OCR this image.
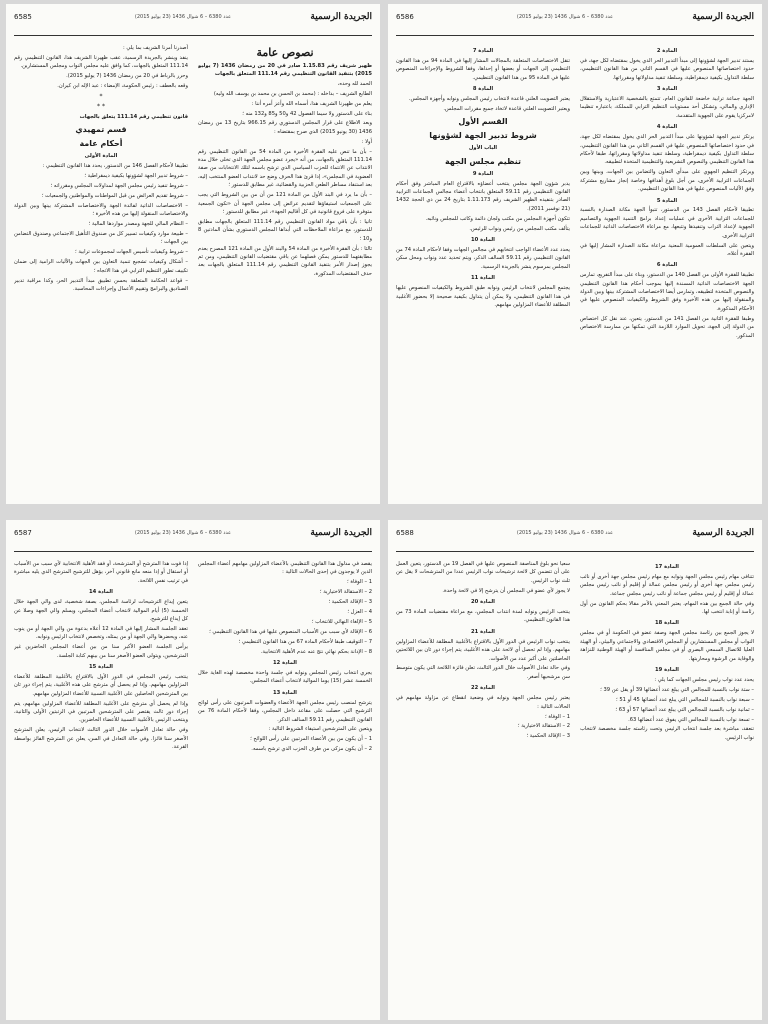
الجريدة الرسمية
عدد 6380 – 6 شوال 1436 (23 يوليو 2015)
6585

نصوص عامة

ظهير شريف رقم 1.15.83 صادر في 20 من رمضان 1436 (7 يوليو 2015) بتنفيذ القانون التنظيمي رقم 111.14 المتعلق بالجهات

الحمد لله وحده،

الطابع الشريف – بداخله : (محمد بن الحسن بن محمد بن يوسف الله وليه)

يعلم من ظهيرنا الشريف هذا، أسماه الله وأعز أمره أننا :

بناء على الدستور ولا سيما الفصول 42 و50 و85 و132 منه ؛

وبعد الاطلاع على قرار المجلس الدستوري رقم 966.15 بتاريخ 13 من رمضان 1436 (30 يونيو 2015) الذي صرح بمقتضاه :

أولا :

– بأن ما تنص عليه الفقرة الأخيرة من المادة 54 من القانون التنظيمي رقم 111.14 المتعلق بالجهات، من أنه «يجرد عضو مجلس الجهة الذي تخلى خلال مدة الانتداب عن الانتماء للحزب السياسي الذي ترشح باسمه لتلك الانتخابات من صفة العضوية في المجلس»، إذا قرئ هذا الحرف وضع حد لانتداب العضو المنتخب إليه، بعد استنفاد مساطر الطعن الحزبية والقضائية، غير مطابق للدستور ؛

– بأن ما يرد في البند الأول من المادة 121 من أن من بين الشروط التي يجب على الجمعيات استيفاؤها لتقديم عرائض إلى مجلس الجهة أن «تكون الجمعية متوفرة على فروع قانونية في كل أقاليم الجهة»، غير مطابق للدستور ؛

ثانيا : بأن باقي مواد القانون التنظيمي رقم 111.14 المتعلق بالجهات مطابق للدستور، مع مراعاة الملاحظات التي أبداها المجلس الدستوري بشأن المادتين 8 و10 ؛

ثالثا : بأن الفقرة الأخيرة من المادة 54 والبند الأول من المادة 121 المصرح بعدم مطابقتهما للدستور يمكن فصلهما عن باقي مقتضيات القانون التنظيمي، ومن ثم يجوز إصدار الأمر بتنفيذ القانون التنظيمي رقم 111.14 المتعلق بالجهات بعد حذف المقتضيات المذكورة،

أصدرنا أمرنا الشريف بما يلي :

ينفذ وينشر بالجريدة الرسمية، عقب ظهيرنا الشريف هذا، القانون التنظيمي رقم 111.14 المتعلق بالجهات، كما وافق عليه مجلس النواب ومجلس المستشارين.

وحرر بالرباط في 20 من رمضان 1436 (7 يوليو 2015).

وقعه بالعطف : رئيس الحكومة، الإمضاء : عبد الإله ابن كيران.

*

* *

قانون تنظيمي رقم 111.14 يتعلق بالجهات

قسم تمهيدي

أحكام عامة

المادة الأولى

تطبيقا لأحكام الفصل 146 من الدستور، يحدد هذا القانون التنظيمي :

– شروط تدبير الجهة لشؤونها بكيفية ديمقراطية ؛

– شروط تنفيذ رئيس مجلس الجهة لمداولات المجلس ومقرراته ؛

– شروط تقديم العرائض من قبل المواطنات والمواطنين والجمعيات ؛

– الاختصاصات الذاتية لفائدة الجهة والاختصاصات المشتركة بينها وبين الدولة والاختصاصات المنقولة إليها من هذه الأخيرة ؛

– النظام المالي للجهة ومصدر مواردها المالية ؛

– طبيعة موارد وكيفيات تسيير كل من صندوق التأهيل الاجتماعي وصندوق التضامن بين الجهات ؛

– شروط وكيفيات تأسيس الجهات لمجموعات ترابية ؛

– أشكال وكيفيات تشجيع تنمية التعاون بين الجهات والآليات الرامية إلى ضمان تكييف تطور التنظيم الترابي في هذا الاتجاه ؛

– قواعد الحكامة المتعلقة بحسن تطبيق مبدأ التدبير الحر، وكذا مراقبة تدبير الصناديق والبرامج وتقييم الأعمال وإجراءات المحاسبة.

الجريدة الرسمية
عدد 6380 – 6 شوال 1436 (23 يوليو 2015)
6586

المادة 2

يستند تدبير الجهة لشؤونها إلى مبدأ التدبير الحر الذي يخول بمقتضاه لكل جهة، في حدود اختصاصاتها المنصوص عليها في القسم الثاني من هذا القانون التنظيمي، سلطة التداول بكيفية ديمقراطية، وسلطة تنفيذ مداولاتها ومقرراتها.

المادة 3

الجهة جماعة ترابية خاضعة للقانون العام، تتمتع بالشخصية الاعتبارية والاستقلال الإداري والمالي، وتشكل أحد مستويات التنظيم الترابي للمملكة، باعتباره تنظيما لامركزيا يقوم على الجهوية المتقدمة.

المادة 4

يرتكز تدبير الجهة لشؤونها على مبدأ التدبير الحر الذي يخول بمقتضاه لكل جهة، في حدود اختصاصاتها المنصوص عليها في القسم الثاني من هذا القانون التنظيمي، سلطة التداول بكيفية ديمقراطية، وسلطة تنفيذ مداولاتها ومقرراتها، طبقا لأحكام هذا القانون التنظيمي والنصوص التشريعية والتنظيمية المتخذة لتطبيقه.

ويرتكز التنظيم الجهوي على مبدأي التعاون والتضامن بين الجهات، وبينها وبين الجماعات الترابية الأخرى، من أجل بلوغ أهدافها وخاصة إنجاز مشاريع مشتركة وفق الآليات المنصوص عليها في هذا القانون التنظيمي.

المادة 5

تطبيقا لأحكام الفصل 143 من الدستور، تتبوأ الجهة مكانة الصدارة بالنسبة للجماعات الترابية الأخرى في عمليات إعداد برامج التنمية الجهوية والتصاميم الجهوية لإعداد التراب وتنفيذها وتتبعها، مع مراعاة الاختصاصات الذاتية للجماعات الترابية الأخرى.

ويتعين على السلطات العمومية المعنية مراعاة مكانة الصدارة المشار إليها في الفقرة أعلاه.

المادة 6

تطبيقا للفقرة الأولى من الفصل 140 من الدستور، وبناء على مبدأ التفريع، تمارس الجهة الاختصاصات الذاتية المسندة إليها بموجب أحكام هذا القانون التنظيمي والنصوص المتخذة لتطبيقه، وتمارس أيضا الاختصاصات المشتركة بينها وبين الدولة والمنقولة إليها من هذه الأخيرة وفق الشروط والكيفيات المنصوص عليها في الأحكام المذكورة.

وطبقا للفقرة الثانية من الفصل 141 من الدستور، يتعين، عند نقل كل اختصاص من الدولة إلى الجهة، تحويل الموارد اللازمة التي تمكنها من ممارسة الاختصاص المذكور.

المادة 7

تنقل الاختصاصات المتعلقة بالمجالات المشار إليها في المادة 94 من هذا القانون التنظيمي إلى الجهات أو بعضها أو إحداها، وفقا للشروط والإجراءات المنصوص عليها في المادة 95 من هذا القانون التنظيمي.

المادة 8

يعتبر التصويت العلني قاعدة لانتخاب رئيس المجلس ونوابه وأجهزة المجلس.

ويعتبر التصويت العلني قاعدة لاتخاذ جميع مقررات المجلس.

القسم الأول

شروط تدبير الجهة لشؤونها

الباب الأول

تنظيم مجلس الجهة

المادة 9

يدبر شؤون الجهة مجلس ينتخب أعضاؤه بالاقتراع العام المباشر وفق أحكام القانون التنظيمي رقم 59.11 المتعلق بانتخاب أعضاء مجالس الجماعات الترابية الصادر بتنفيذه الظهير الشريف رقم 1.11.173 بتاريخ 24 من ذي الحجة 1432 (21 نوفمبر 2011).

تتكون أجهزة المجلس من مكتب ولجان دائمة وكاتب للمجلس ونائبه.

يتألف مكتب المجلس من رئيس ونواب للرئيس.

المادة 10

يحدد عدد الأعضاء الواجب انتخابهم في مجالس الجهات وفقا لأحكام المادة 74 من القانون التنظيمي رقم 59.11 السالف الذكر، ويتم تحديد عدد ونواب ومحل سكن المجلس بمرسوم ينشر بالجريدة الرسمية.

المادة 11

يجتمع المجلس لانتخاب الرئيس ونوابه طبق الشروط والكيفيات المنصوص عليها في هذا القانون التنظيمي، ولا يمكن أن يتداول بكيفية صحيحة إلا بحضور الأغلبية المطلقة للأعضاء المزاولين مهامهم.

الجريدة الرسمية
عدد 6380 – 6 شوال 1436 (23 يوليو 2015)
6587

يقصد في مدلول هذا القانون التنظيمي بالأعضاء المزاولين مهامهم أعضاء المجلس الذين لا يوجدون في إحدى الحالات التالية :

1 – الوفاة ؛

2 – الاستقالة الاختيارية ؛

3 – الإقالة الحكمية ؛

4 – العزل ؛

5 – الإلغاء النهائي للانتخاب ؛

6 – الإقالة لأي سبب من الأسباب المنصوص عليها في هذا القانون التنظيمي ؛

7 – التوقيف طبقا لأحكام المادة 67 من هذا القانون التنظيمي ؛

8 – الإدانة بحكم نهائي نتج عنه عدم الأهلية الانتخابية.

المادة 12

يجري انتخاب رئيس المجلس ونوابه في جلسة واحدة مخصصة لهذه الغاية خلال الخمسة عشر (15) يوما الموالية لانتخاب أعضاء المجلس.

المادة 13

يترشح لمنصب رئيس مجلس الجهة الأعضاء والعضوات المرتبون على رأس لوائح الترشيح التي حصلت على مقاعد داخل المجلس، وفقا لأحكام المادة 76 من القانون التنظيمي رقم 59.11 السالف الذكر.

ويتعين على المترشحين استيفاء الشروط التالية :

1 – أن يكون من بين الأعضاء المرتبين على رأس اللوائح ؛

2 – أن يكون مزكى من طرف الحزب الذي ترشح باسمه.

إذا فوت هذا المترشح أو المترشحة، أو فقد الأهلية الانتخابية لأي سبب من الأسباب أو استقال أو إذا منعه مانع قانوني آخر، يؤهل للترشيح المترشح الذي يليه مباشرة في ترتيب نفس اللائحة.

المادة 14

يتعين إيداع الترشيحات لرئاسة المجلس، بصفة شخصية، لدى والي الجهة خلال الخمسة (5) أيام الموالية لانتخاب أعضاء المجلس، ويسلم والي الجهة وصلا عن كل إيداع للترشيح.

تعقد الجلسة المشار إليها في المادة 12 أعلاه بدعوة من والي الجهة أو من ينوب عنه، ويحضرها والي الجهة أو من يمثله، وتخصص لانتخاب الرئيس ونوابه.

يرأس الجلسة العضو الأكبر سنا من بين أعضاء المجلس الحاضرين غير المترشحين، ويتولى العضو الأصغر سنا من بينهم كتابة الجلسة.

المادة 15

ينتخب رئيس المجلس في الدور الأول بالاقتراع بالأغلبية المطلقة للأعضاء المزاولين مهامهم. وإذا لم يحصل أي مترشح على هذه الأغلبية، يتم إجراء دور ثان بين المترشحين الحاصلين على الأغلبية النسبية للأعضاء المزاولين مهامهم.

وإذا لم يحصل أي مترشح على الأغلبية المطلقة للأعضاء المزاولين مهامهم، يتم إجراء دور ثالث يقتصر على المترشحين المرتبين في الرتبتين الأولى والثانية، وينتخب الرئيس بالأغلبية النسبية للأعضاء الحاضرين.

وفي حالة تعادل الأصوات خلال الدور الثالث لانتخاب الرئيس، يعلن المترشح الأصغر سنا فائزا. وفي حالة التعادل في السن، يعلن عن المترشح الفائز بواسطة القرعة.

الجريدة الرسمية
عدد 6380 – 6 شوال 1436 (23 يوليو 2015)
6588

المادة 17

تتنافى مهام رئيس مجلس الجهة ونوابه مع مهام رئيس مجلس جهة أخرى أو نائب رئيس مجلس جهة أخرى أو رئيس مجلس عمالة أو إقليم أو نائب رئيس مجلس عمالة أو إقليم أو رئيس مجلس جماعة أو نائب رئيس مجلس جماعة.

وفي حالة الجمع بين هذه المهام، يعتبر المعني بالأمر مقالا بحكم القانون من أول رئاسة أو إنابة انتخب لها.

المادة 18

لا يجوز الجمع بين رئاسة مجلس الجهة وصفة عضو في الحكومة أو في مجلس النواب أو مجلس المستشارين أو المجلس الاقتصادي والاجتماعي والبيئي، أو الهيئة العليا للاتصال السمعي البصري أو في مجلس المنافسة أو الهيئة الوطنية للنزاهة والوقاية من الرشوة ومحاربتها.

المادة 19

يحدد عدد نواب رئيس مجلس الجهات كما يلي :

– ستة نواب بالنسبة للمجالس التي يبلغ عدد أعضائها 39 أو يقل عن 39 ؛

– سبعة نواب بالنسبة للمجالس التي يبلغ عدد أعضائها 45 أو 51 ؛

– ثمانية نواب بالنسبة للمجالس التي يبلغ عدد أعضائها 57 أو 63 ؛

– تسعة نواب بالنسبة للمجالس التي يفوق عدد أعضائها 63.

تنعقد، مباشرة بعد جلسة انتخاب الرئيس وتحت رئاسته جلسة مخصصة لانتخاب نواب الرئيس.

سعيا نحو بلوغ المناصفة المنصوص عليها في الفصل 19 من الدستور، يتعين العمل على أن تتضمن كل لائحة ترشيحات نواب الرئيس عددا من المترشحات لا يقل عن ثلث نواب الرئيس.

لا يجوز لأي عضو في المجلس أن يترشح إلا في لائحة واحدة.

المادة 20

ينتخب الرئيس ونوابه لمدة انتداب المجلس، مع مراعاة مقتضيات المادة 73 من هذا القانون التنظيمي.

المادة 21

ينتخب نواب الرئيس في الدور الأول بالاقتراع بالأغلبية المطلقة للأعضاء المزاولين مهامهم. وإذا لم تحصل أي لائحة على هذه الأغلبية، يتم إجراء دور ثان بين اللائحتين الحاصلتين على أكبر عدد من الأصوات.

وفي حالة تعادل الأصوات خلال الدور الثالث، تعلن فائزة اللائحة التي يكون متوسط سن مرشحيها أصغر.

المادة 22

يعتبر رئيس مجلس الجهة ونوابه في وضعية انقطاع عن مزاولة مهامهم في الحالات التالية :

1 – الوفاة ؛

2 – الاستقالة الاختيارية ؛

3 – الإقالة الحكمية ؛
